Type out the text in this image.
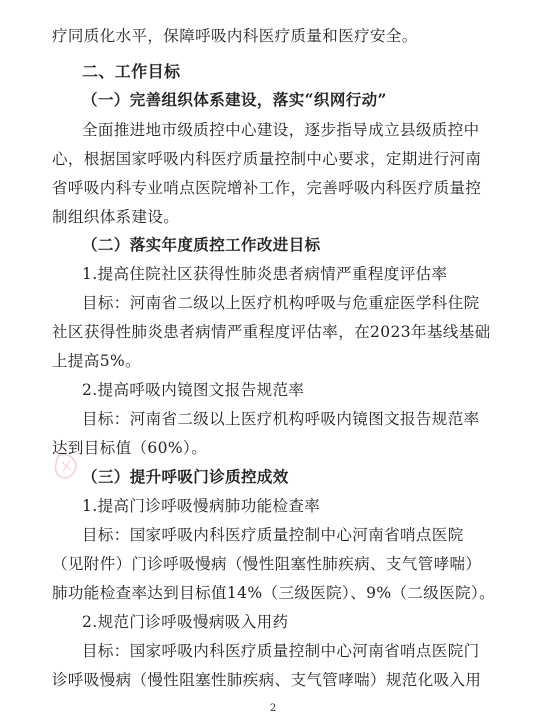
疗同质化水平，保障呼吸内科医疗质量和医疗安全。
二、工作目标
（一）完善组织体系建设，落实“织网行动”
全面推进地市级质控中心建设，逐步指导成立县级质控中
心，根据国家呼吸内科医疗质量控制中心要求，定期进行河南
省呼吸内科专业哨点医院增补工作，完善呼吸内科医疗质量控
制组织体系建设。
（二）落实年度质控工作改进目标
1.提高住院社区获得性肺炎患者病情严重程度评估率
目标：河南省二级以上医疗机构呼吸与危重症医学科住院
社区获得性肺炎患者病情严重程度评估率，在2023年基线基础
上提高5%。
2.提高呼吸内镜图文报告规范率
目标：河南省二级以上医疗机构呼吸内镜图文报告规范率
达到目标值（60%）。
（三）提升呼吸门诊质控成效
1.提高门诊呼吸慢病肺功能检查率
目标：国家呼吸内科医疗质量控制中心河南省哨点医院
（见附件）门诊呼吸慢病（慢性阻塞性肺疾病、支气管哮喘）
肺功能检查率达到目标值14%（三级医院）、9%（二级医院）。
2.规范门诊呼吸慢病吸入用药
目标：国家呼吸内科医疗质量控制中心河南省哨点医院门
诊呼吸慢病（慢性阻塞性肺疾病、支气管哮喘）规范化吸入用
2
